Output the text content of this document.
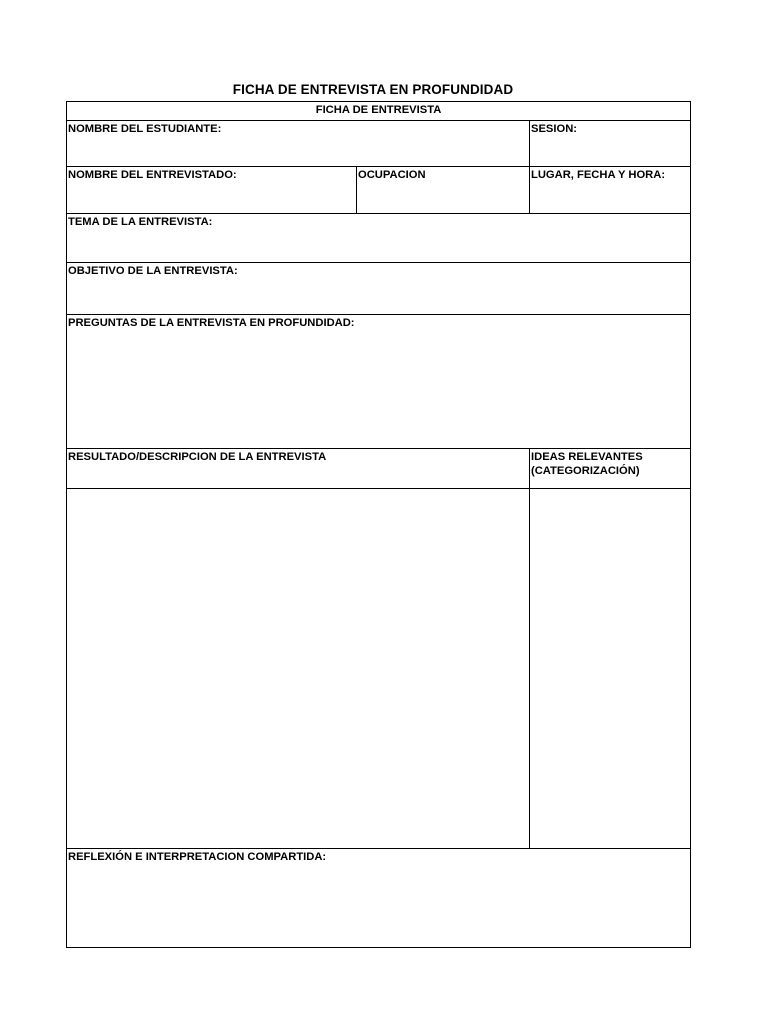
FICHA DE ENTREVISTA EN PROFUNDIDAD
FICHA DE ENTREVISTA		
NOMBRE DEL ESTUDIANTE:		SESION:
NOMBRE DEL ENTREVISTADO:	OCUPACION	LUGAR, FECHA Y HORA:
TEMA DE LA ENTREVISTA:		
OBJETIVO DE LA ENTREVISTA:		
PREGUNTAS DE LA ENTREVISTA EN PROFUNDIDAD:		
RESULTADO/DESCRIPCION DE LA ENTREVISTA		IDEAS RELEVANTES
(CATEGORIZACIÓN)

REFLEXIÓN E INTERPRETACION COMPARTIDA:		
